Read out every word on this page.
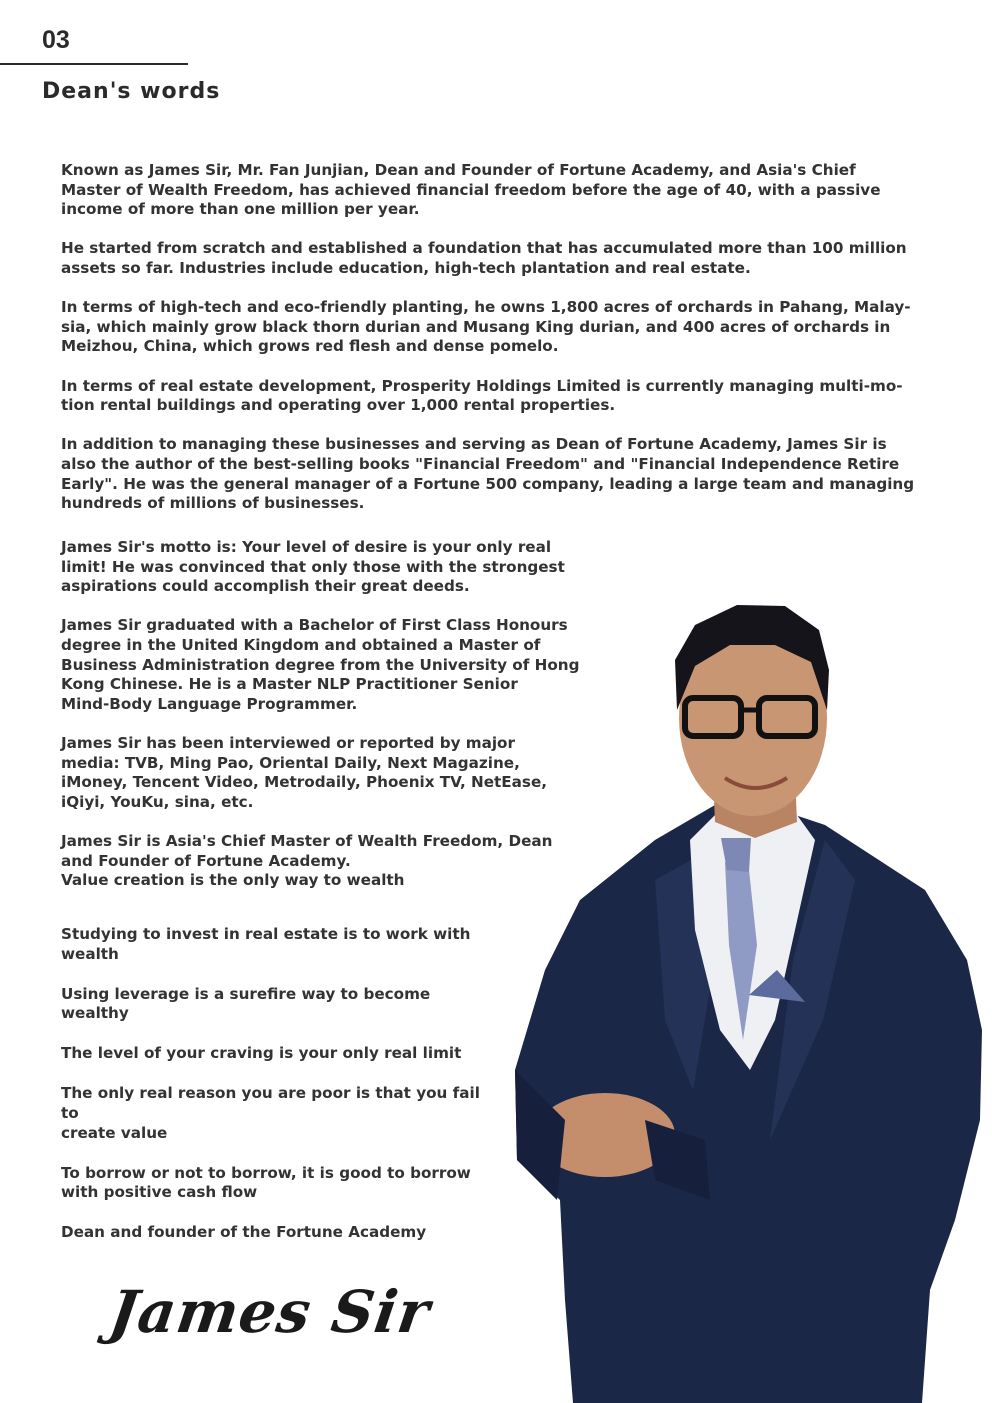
03
Dean's words

Known as James Sir, Mr. Fan Junjian, Dean and Founder of Fortune Academy, and Asia's Chief
Master of Wealth Freedom, has achieved financial freedom before the age of 40, with a passive
income of more than one million per year.

He started from scratch and established a foundation that has accumulated more than 100 million
assets so far. Industries include education, high-tech plantation and real estate.

In terms of high-tech and eco-friendly planting, he owns 1,800 acres of orchards in Pahang, Malay-
sia, which mainly grow black thorn durian and Musang King durian, and 400 acres of orchards in
Meizhou, China, which grows red flesh and dense pomelo.

In terms of real estate development, Prosperity Holdings Limited is currently managing multi-mo-
tion rental buildings and operating over 1,000 rental properties.

In addition to managing these businesses and serving as Dean of Fortune Academy, James Sir is
also the author of the best-selling books "Financial Freedom" and "Financial Independence Retire
Early". He was the general manager of a Fortune 500 company, leading a large team and managing
hundreds of millions of businesses.

James Sir's motto is: Your level of desire is your only real
limit! He was convinced that only those with the strongest
aspirations could accomplish their great deeds.

James Sir graduated with a Bachelor of First Class Honours
degree in the United Kingdom and obtained a Master of
Business Administration degree from the University of Hong
Kong Chinese. He is a Master NLP Practitioner Senior
Mind-Body Language Programmer.

James Sir has been interviewed or reported by major
media: TVB, Ming Pao, Oriental Daily, Next Magazine,
iMoney, Tencent Video, Metrodaily, Phoenix TV, NetEase,
iQiyi, YouKu, sina, etc.

James Sir is Asia's Chief Master of Wealth Freedom, Dean
and Founder of Fortune Academy.
Value creation is the only way to wealth

Studying to invest in real estate is to work with
wealth

Using leverage is a surefire way to become
wealthy

The level of your craving is your only real limit

The only real reason you are poor is that you fail
to
create value

To borrow or not to borrow, it is good to borrow
with positive cash flow

Dean and founder of the Fortune Academy

James Sir
